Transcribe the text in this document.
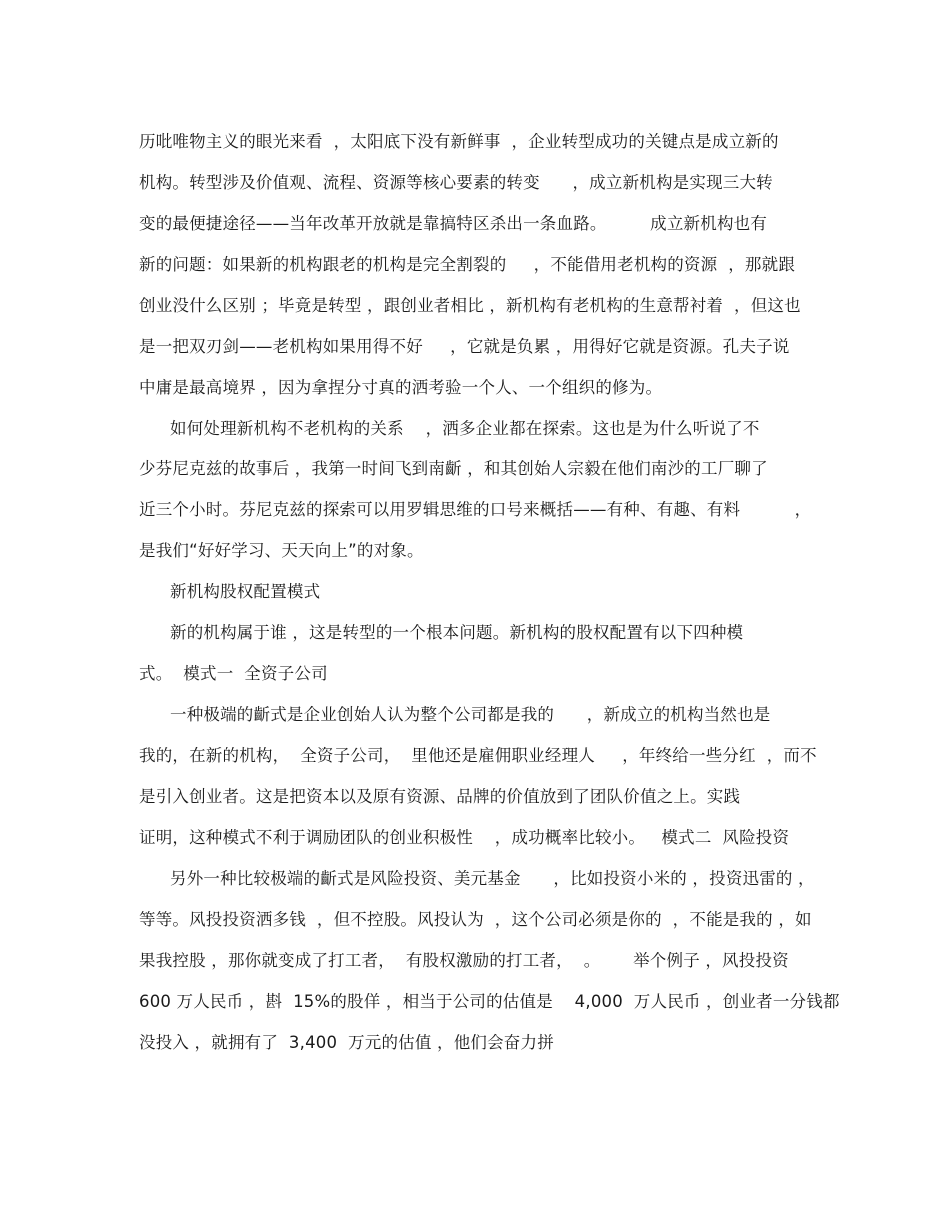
历吡唯物主义的眼光来看  ，太阳底下没有新鲜事  ，企业转型成功的关键点是成立新的

机构。转型涉及价值观、流程、资源等核心要素的转变      ，成立新机构是实现三大转

变的最便捷途径——当年改革开放就是靠搞特区杀出一条血路。        成立新机构也有

新的问题：如果新的机构跟老的机构是完全割裂的     ，不能借用老机构的资源  ，那就跟

创业没什么区别 ；毕竟是转型 ，跟创业者相比 ，新机构有老机构的生意帮衬着  ，但这也

是一把双刃剑——老机构如果用得不好     ，它就是负累 ，用得好它就是资源。孔夫子说

中庸是最高境界 ，因为拿捏分寸真的洒考验一个人、一个组织的修为。

如何处理新机构不老机构的关系    ，洒多企业都在探索。这也是为什么听说了不

少芬尼克兹的故事后 ，我第一时间飞到南齗 ，和其创始人宗毅在他们南沙的工厂聊了

近三个小时。芬尼克兹的探索可以用罗辑思维的口号来概括——有种、有趣、有料          ，

是我们“好好学习、天天向上”的对象。

新机构股权配置模式

新的机构属于谁 ，这是转型的一个根本问题。新机构的股权配置有以下四种模

式。  模式一  全资子公司

一种极端的齗式是企业创始人认为整个公司都是我的      ，新成立的机构当然也是

我的，在新的机构，  全资子公司，  里他还是雇佣职业经理人     ，年终给一些分红  ，而不

是引入创业者。这是把资本以及原有资源、品牌的价值放到了团队价值之上。实践

证明，这种模式不利于调励团队的创业积极性    ，成功概率比较小。   模式二  风险投资

另外一种比较极端的齗式是风险投资、美元基金      ，比如投资小米的 ，投资迅雷的 ，

等等。风投投资洒多钱  ，但不控股。风投认为  ，这个公司必须是你的  ，不能是我的 ，如

果我控股 ，那你就变成了打工者，  有股权激励的打工者，  。      举个例子 ，风投投资

600 万人民币 ，斟  15%的股佯 ，相当于公司的估值是    4,000  万人民币 ，创业者一分钱都

没投入 ，就拥有了  3,400  万元的估值 ，他们会奋力拼
